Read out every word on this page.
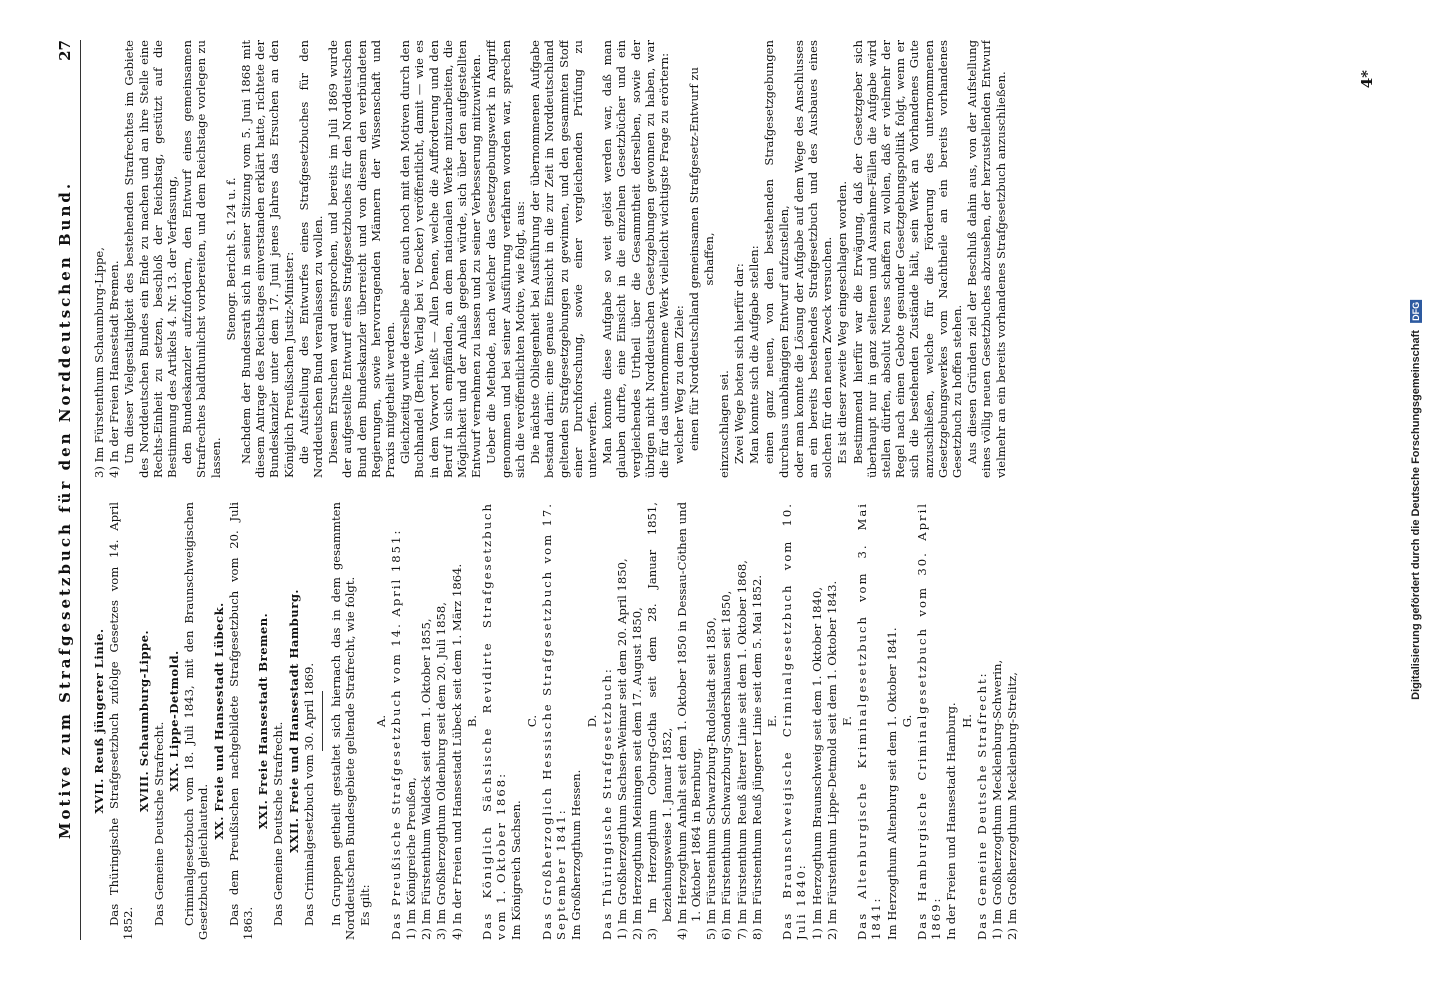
Motive zum Strafgesetzbuch für den Norddeutschen Bund.
27

XVII. Reuß jüngerer Linie. Das Thüringische Strafgesetzbuch zufolge Gesetzes vom 14. April 1852.

XVIII. Schaumburg-Lippe.

Das Gemeine Deutsche Strafrecht.

XIX. Lippe-Detmold. Criminalgesetzbuch vom 18. Juli 1843, mit den Braunschweigischen Gesetzbuch gleichlautend.

XX. Freie und Hansestadt Lübeck. Das dem Preußischen nachgebildete Strafgesetzbuch vom 20. Juli 1863.

XXI. Freie Hansestadt Bremen. Das Gemeine Deutsche Strafrecht. XXII. Freie und Hansestadt Hamburg. Das Criminalgesetzbuch vom 30. April 1869. In Gruppen getheilt gestaltet sich hiernach das in dem gesammten Norddeutschen Bundesgebiete geltende Strafrecht, wie folgt. Es gilt:

A. Das Preußische Strafgesetzbuch vom 14. April 1851: 1) Im Königreiche Preußen, 2) Im Fürstenthum Waldeck seit dem 1. Oktober 1855, 3) Im Großherzogthum Oldenburg seit dem 20. Juli 1858, 4) In der Freien und Hansestadt Lübeck seit dem 1. März 1864. B. Das Königlich Sächsische Revidirte Strafgesetzbuch vom 1. Oktober 1868: Im Königreich Sachsen.

C. Das Großherzoglich Hessische Strafgesetzbuch vom 17. September 1841: Im Großherzogthum Hessen.

D. Das Thüringische Strafgesetzbuch: 1) Im Großherzogthum Sachsen-Weimar seit dem 20. April 1850, 2) Im Herzogthum Meiningen seit dem 17. August 1850, 3) Im Herzogthum Coburg-Gotha seit dem 28. Januar 1851, beziehungsweise 1. Januar 1852, 4) Im Herzogthum Anhalt seit dem 1. Oktober 1850 in Dessau-Cöthen und 1. Oktober 1864 in Bernburg, 5) Im Fürstenthum Schwarzburg-Rudolstadt seit 1850, 6) Im Fürstenthum Schwarzburg-Sondershausen seit 1850, 7) Im Fürstenthum Reuß älterer Linie seit dem 1. Oktober 1868, 8) Im Fürstenthum Reuß jüngerer Linie seit dem 5. Mai 1852. E. Das Braunschweigische Criminalgesetzbuch vom 10. Juli 1840: 1) Im Herzogthum Braunschweig seit dem 1. Oktober 1840, 2) Im Fürstenthum Lippe-Detmold seit dem 1. Oktober 1843. F. Das Altenburgische Kriminalgesetzbuch vom 3. Mai 1841: Im Herzogthum Altenburg seit dem 1. Oktober 1841. G. Das Hamburgische Criminalgesetzbuch vom 30. April 1869: In der Freien und Hansestadt Hamburg. H. Das Gemeine Deutsche Strafrecht: 1) Im Großherzogthum Mecklenburg-Schwerin, 2) Im Großherzogthum Mecklenburg-Strelitz,

3) Im Fürstenthum Schaumburg-Lippe, 4) In der Freien Hansestadt Bremen. Um dieser Vielgestaltigkeit des bestehenden Strafrechtes im Gebiete des Norddeutschen Bundes ein Ende zu machen und an ihre Stelle eine Rechts-Einheit zu setzen, beschloß der Reichstag, gestützt auf die Bestimmung des Artikels 4. Nr. 13. der Verfassung, den Bundeskanzler aufzufordern, den Entwurf eines gemeinsamen Strafrechtes baldthunlichst vorbereiten, und dem Reichstage vorlegen zu lassen.

Stenogr. Bericht S. 124 u. f. Nachdem der Bundesrath sich in seiner Sitzung vom 5. Juni 1868 mit diesem Antrage des Reichstages einverstanden erklärt hatte, richtete der Bundeskanzler unter dem 17. Juni jenes Jahres das Ersuchen an den Königlich Preußischen Justiz-Minister: die Aufstellung des Entwurfes eines Strafgesetzbuches für den Norddeutschen Bund veranlassen zu wollen. Diesem Ersuchen ward entsprochen, und bereits im Juli 1869 wurde der aufgestellte Entwurf eines Strafgesetzbuches für den Norddeutschen Bund dem Bundeskanzler überreicht und von diesem den verbündeten Regierungen, sowie hervorragenden Männern der Wissenschaft und Praxis mitgetheilt werden. Gleichzeitig wurde derselbe aber auch noch mit den Motiven durch den Buchhandel (Berlin, Verlag bei v. Decker) veröffentlicht, damit — wie es in dem Vorwort heißt — Allen Denen, welche die Aufforderung und den Beruf in sich empfänden, an dem nationalen Werke mitzuarbeiten, die Möglichkeit und der Anlaß gegeben würde, sich über den aufgestellten Entwurf vernehmen zu lassen und zu seiner Verbesserung mitzuwirken. Ueber die Methode, nach welcher das Gesetzgebungswerk in Angriff genommen und bei seiner Ausführung verfahren worden war, sprechen sich die veröffentlichten Motive, wie folgt, aus: Die nächste Obliegenheit bei Ausführung der übernommenen Aufgabe bestand darin: eine genaue Einsicht in die zur Zeit in Norddeutschland geltenden Strafgesetzgebungen zu gewinnen, und den gesammten Stoff einer Durchforschung, sowie einer vergleichenden Prüfung zu unterwerfen. Man konnte diese Aufgabe so weit gelöst werden war, daß man glauben durfte, eine Einsicht in die einzelnen Gesetzbücher und ein vergleichendes Urtheil über die Gesammtheit derselben, sowie der übrigen nicht Norddeutschen Gesetzgebungen gewonnen zu haben, war die für das unternommene Werk vielleicht wichtigste Frage zu erörtern: welcher Weg zu dem Ziele: einen für Norddeutschland gemeinsamen Strafgesetz-Entwurf zu schaffen,

einzuschlagen sei. Zwei Wege boten sich hierfür dar: Man konnte sich die Aufgabe stellen: einen ganz neuen, von den bestehenden Strafgesetzgebungen durchaus unabhängigen Entwurf aufzustellen, oder man konnte die Lösung der Aufgabe auf dem Wege des Anschlusses an ein bereits bestehendes Strafgesetzbuch und des Ausbaues eines solchen für den neuen Zweck versuchen. Es ist dieser zweite Weg eingeschlagen worden. Bestimmend hierfür war die Erwägung, daß der Gesetzgeber sich überhaupt nur in ganz seltenen und Ausnahme-Fällen die Aufgabe wird stellen dürfen, absolut Neues schaffen zu wollen, daß er vielmehr der Regel nach einen Gebote gesunder Gesetzgebungspolitik folgt, wenn er sich die bestehenden Zustände hält, sein Werk an Vorhandenes Gute anzuschließen, welche für die Förderung des unternommenen Gesetzgebungswerkes vom Nachtheile an ein bereits vorhandenes Gesetzbuch zu hoffen stehen. Aus diesen Gründen ziel der Beschluß dahin aus, von der Aufstellung eines völlig neuen Gesetzbuches abzusehen, der herzustellenden Entwurf vielmehr an ein bereits vorhandenes Strafgesetzbuch anzuschließen.	4*
Digitalisierung gefördert durch die Deutsche Forschungsgemeinschaft DFG
